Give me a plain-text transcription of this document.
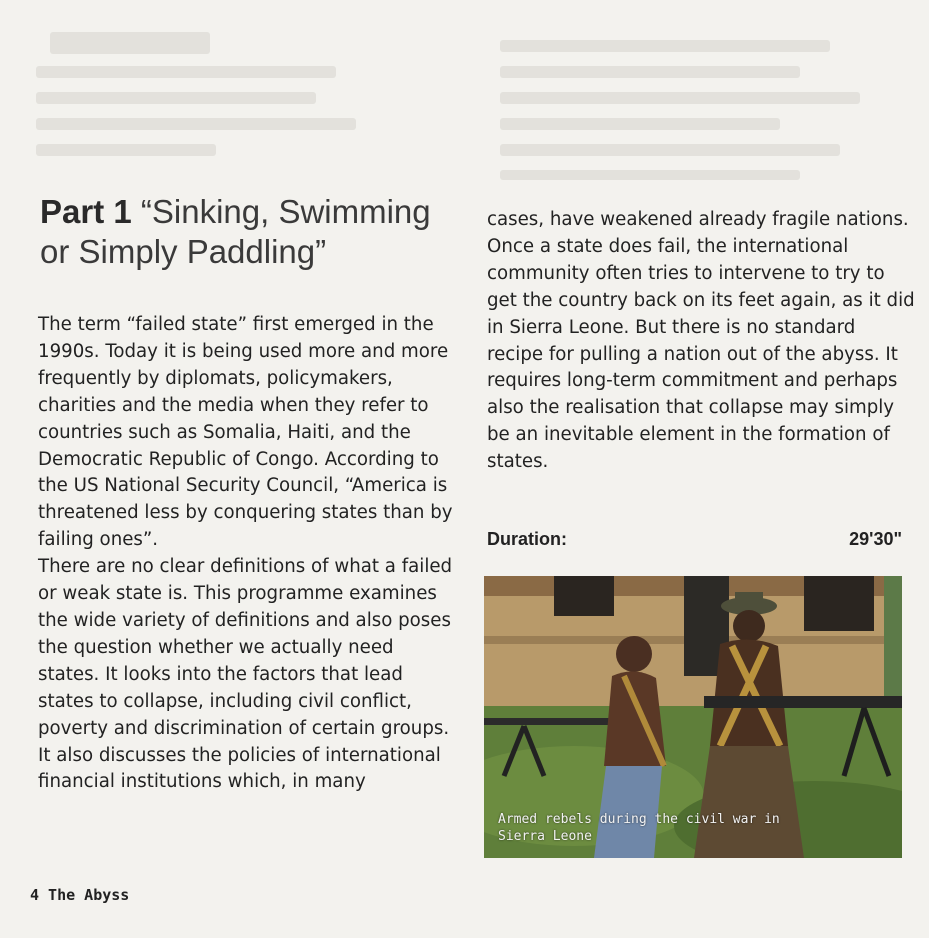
Part 1 “Sinking, Swimming or Simply Paddling”

The term “failed state” first emerged in the 1990s. Today it is being used more and more frequently by diplomats, policymakers, charities and the media when they refer to countries such as Somalia, Haiti, and the Democratic Republic of Congo. According to the US National Security Council, “America is threatened less by conquering states than by failing ones”.

There are no clear definitions of what a failed or weak state is. This programme examines the wide variety of definitions and also poses the question whether we actually need states. It looks into the factors that lead states to collapse, including civil conflict, poverty and discrimination of certain groups. It also discusses the policies of international financial institutions which, in many

cases, have weakened already fragile nations.

Once a state does fail, the international community often tries to intervene to try to get the country back on its feet again, as it did in Sierra Leone. But there is no standard recipe for pulling a nation out of the abyss. It requires long-term commitment and perhaps also the realisation that collapse may simply be an inevitable element in the formation of states.

Duration:	29'30"
Armed rebels during the civil war in Sierra Leone
4 The Abyss
